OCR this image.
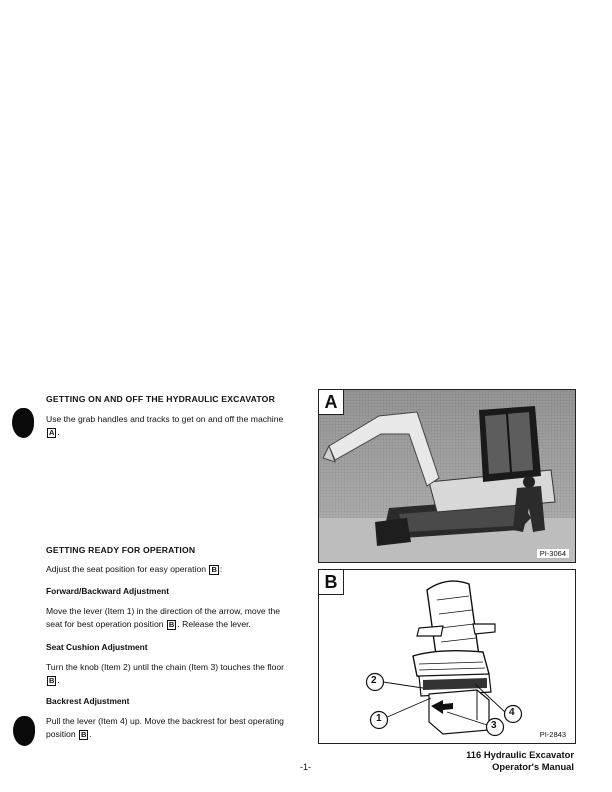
GETTING ON AND OFF THE HYDRAULIC EXCAVATOR
Use the grab handles and tracks to get on and off the machine
A .
GETTING READY FOR OPERATION
Adjust the seat position for easy operation B :
Forward/Backward Adjustment
Move the lever (Item 1) in the direction of the arrow, move the
seat for best operation position B . Release the lever.
Seat Cushion Adjustment
Turn the knob (Item 2) until the chain (Item 3) touches the floor
B .
Backrest Adjustment
Pull the lever (Item 4) up. Move the backrest for best operating
position B .
A
PI-3064
2
1
3
4
B
PI-2843
-1-
116 Hydraulic Excavator
Operator's Manual
